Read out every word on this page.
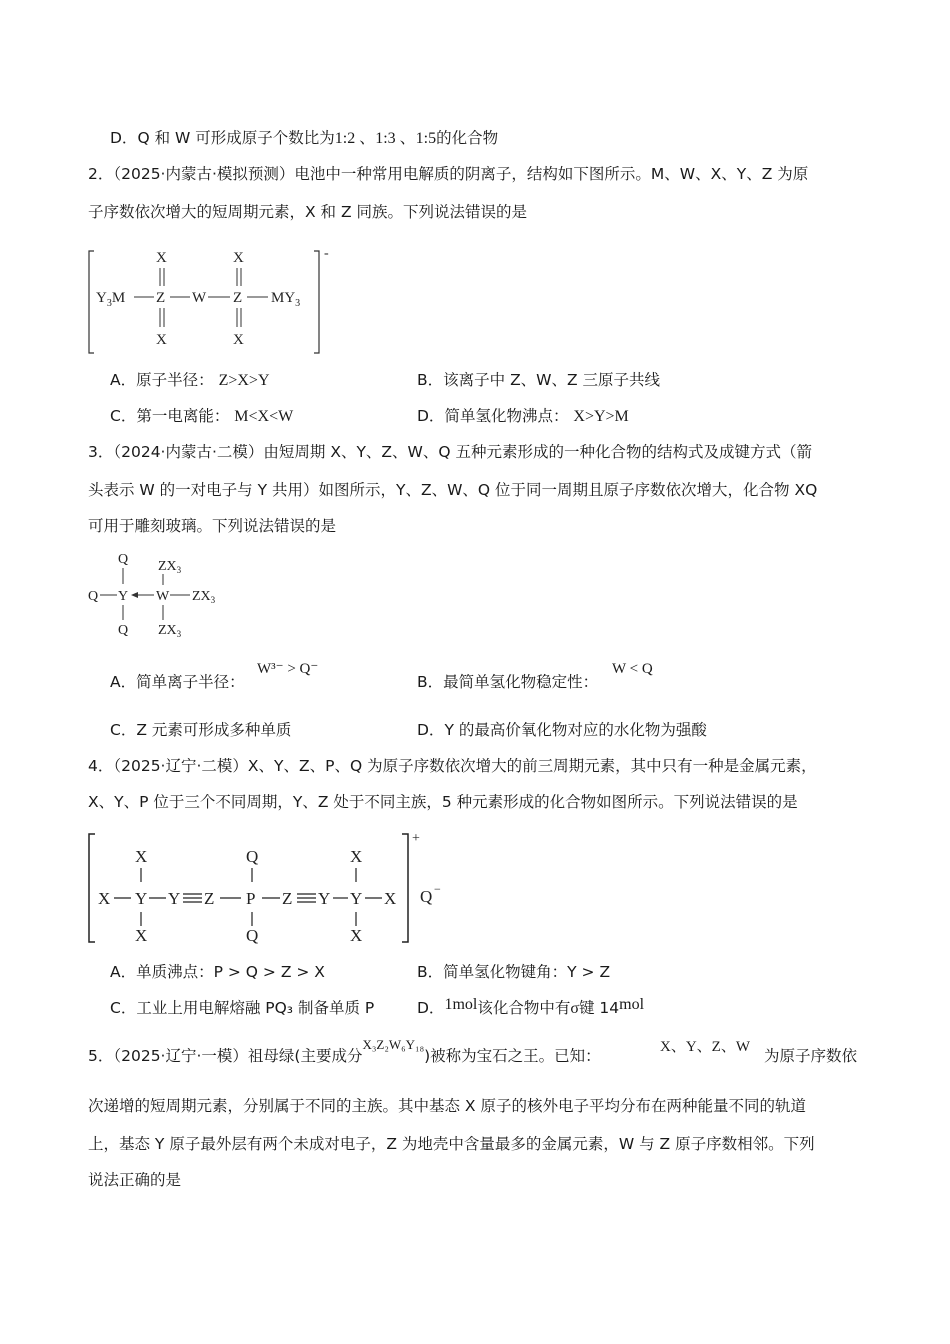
D．Q 和 W 可形成原子个数比为1:2 、1:3 、1:5的化合物
2．（2025·内蒙古·模拟预测）电池中一种常用电解质的阴离子，结构如下图所示。M、W、X、Y、Z 为原
子序数依次增大的短周期元素，X 和 Z 同族。下列说法错误的是
-
X	X
$Y_3M$ Z W Z $MY_3$
X	X
A．原子半径： Z>X>Y	B．该离子中 Z、W、Z 三原子共线
C．第一电离能： M<X<W	D．简单氢化物沸点： X>Y>M
3．（2024·内蒙古·二模）由短周期 X、Y、Z、W、Q 五种元素形成的一种化合物的结构式及成键方式（箭
头表示 W 的一对电子与 Y 共用）如图所示，Y、Z、W、Q 位于同一周期且原子序数依次增大，化合物 XQ
可用于雕刻玻璃。下列说法错误的是
Q $ZX_3$
Q Y W $ZX_3$
Q $ZX_3$
A．简单离子半径：
W³⁻ > Q⁻
B．最简单氢化物稳定性：
W < Q
C．Z 元素可形成多种单质	D．Y 的最高价氧化物对应的水化物为强酸
4．（2025·辽宁·二模）X、Y、Z、P、Q 为原子序数依次增大的前三周期元素，其中只有一种是金属元素，
X、Y、P 位于三个不同周期，Y、Z 处于不同主族，5 种元素形成的化合物如图所示。下列说法错误的是
+
Q −
X	Q	X
X Y Y Z P Z Y Y X
X	Q	X
A．单质沸点：P > Q > Z > X	B．简单氢化物键角：Y > Z
C．工业上用电解熔融 PQ₃ 制备单质 P	D．1mol该化合物中有σ键 14mol
5．（2025·辽宁·一模）祖母绿(主要成分$^{X_3Z_2W_6Y_{18}}$)被称为宝石之王。已知：	X、Y、Z、W 为原子序数依
次递增的短周期元素，分别属于不同的主族。其中基态 X 原子的核外电子平均分布在两种能量不同的轨道
上，基态 Y 原子最外层有两个未成对电子，Z 为地壳中含量最多的金属元素，W 与 Z 原子序数相邻。下列
说法正确的是
